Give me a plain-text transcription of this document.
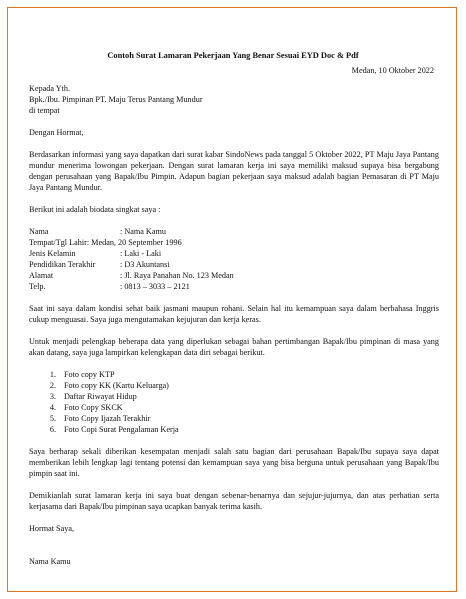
Contoh Surat Lamaran Pekerjaan Yang Benar Sesuai EYD Doc & Pdf
Medan, 10 Oktober 2022
Kepada Yth.
Bpk./Ibu. Pimpinan PT. Maju Terus Pantang Mundur
di tempat
Dengan Hormat,
Berdasarkan informasi yang saya dapatkan dari surat kabar SindoNews pada tanggal 5 Oktober 2022, PT Maju Jaya Pantang mundur menerima lowongan pekerjaan. Dengan surat lamaran kerja ini saya memiliki maksud supaya bisa bergabung dengan perusahaan yang Bapak/Ibu Pimpin. Adapun bagian pekerjaan saya maksud adalah bagian Pemasaran di PT Maju Jaya Pantang Mundur.
Berikut ini adalah biodata singkat saya :
Nama	: Nama Kamu
Tempat/Tgl Lahir : Medan, 20 September 1996
Jenis Kelamin	: Laki - Laki
Pendidikan Terakhir	: D3 Akuntansi
Alamat	: Jl. Raya Panahan No. 123 Medan
Telp.	: 0813 – 3033 – 2121
Saat ini saya dalam kondisi sehat baik jasmani maupun rohani. Selain hal itu kemampuan saya dalam berbahasa Inggris cukup menguasai. Saya juga mengutamakan kejujuran dan kerja keras.
Untuk menjadi pelengkap beberapa data yang diperlukan sebagai bahan pertimbangan Bapak/Ibu pimpinan di masa yang akan datang, saya juga lampirkan kelengkapan data diri sebagai berikut.
1. Foto copy KTP
2. Foto copy KK (Kartu Keluarga)
3. Daftar Riwayat Hidup
4. Foto Copy SKCK
5. Foto Copy Ijazah Terakhir
6. Foto Copi Surat Pengalaman Kerja
Saya berharap sekali diberikan kesempatan menjadi salah satu bagian dari perusahaan Bapak/Ibu supaya saya dapat memberikan lebih lengkap lagi tentang potensi dan kemampuan saya yang bisa berguna untuk perusahaan yang Bapak/Ibu pimpin saat ini.
Demikianlah surat lamaran kerja ini saya buat dengan sebenar-benarnya dan sejujur-jujurnya, dan atas perhatian serta kerjasama dari Bapak/Ibu pimpinan saya ucapkan banyak terima kasih.
Hormat Saya,
Nama Kamu
